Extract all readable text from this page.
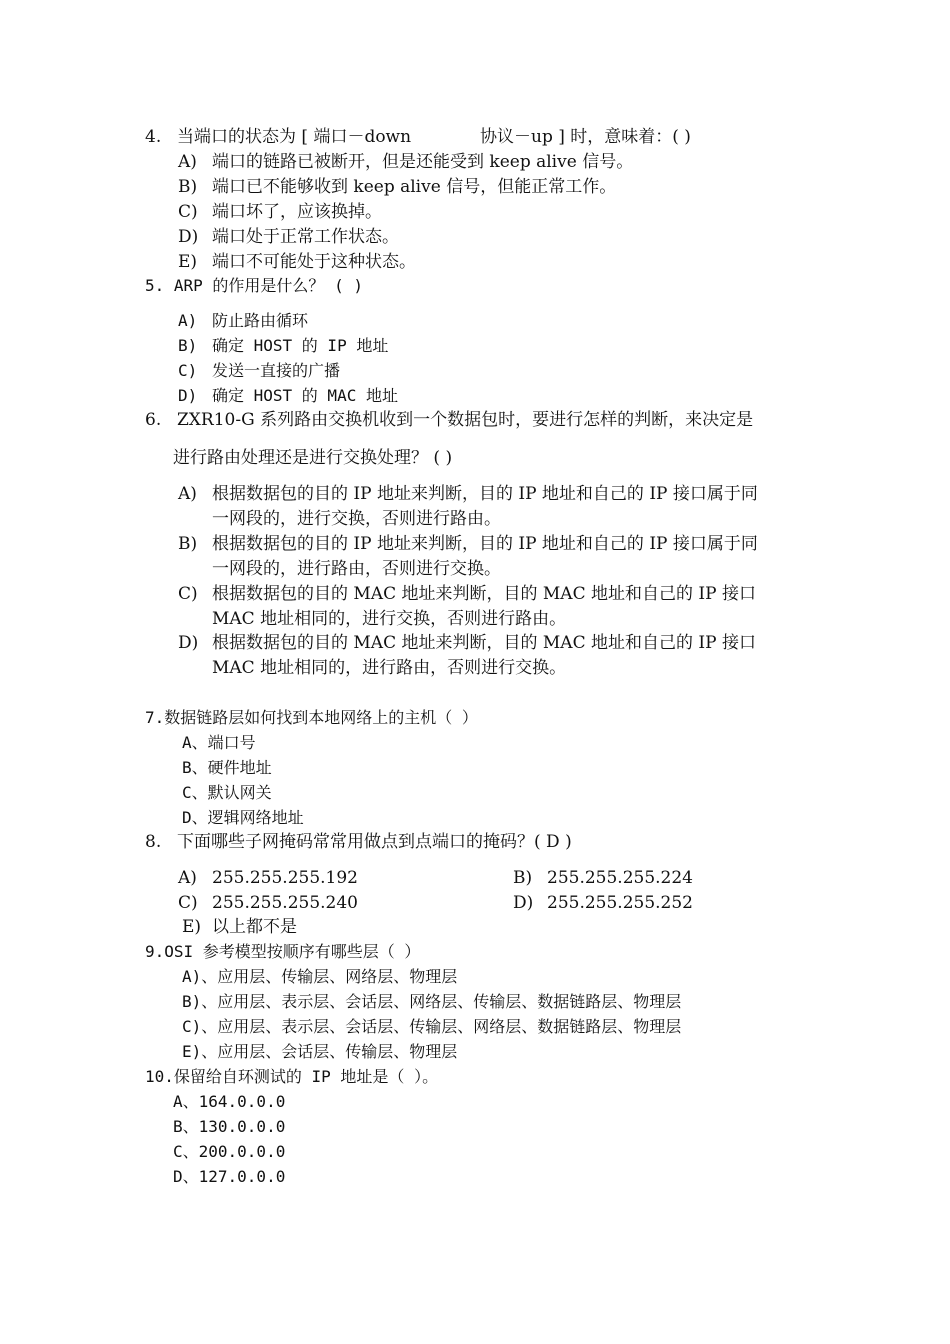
4. 当端口的状态为 [ 端口－down	协议－up ] 时，意味着：( )
A) 端口的链路已被断开，但是还能受到 keep alive 信号。
B) 端口已不能够收到 keep alive 信号，但能正常工作。
C) 端口坏了，应该换掉。
D) 端口处于正常工作状态。
E) 端口不可能处于这种状态。
5. ARP 的作用是什么？ ( )
A) 防止路由循环
B) 确定 HOST 的 IP 地址
C) 发送一直接的广播
D) 确定 HOST 的 MAC 地址
6. ZXR10-G 系列路由交换机收到一个数据包时，要进行怎样的判断，来决定是
进行路由处理还是进行交换处理？ ( )
A) 根据数据包的目的 IP 地址来判断，目的 IP 地址和自己的 IP 接口属于同
一网段的，进行交换，否则进行路由。
B) 根据数据包的目的 IP 地址来判断，目的 IP 地址和自己的 IP 接口属于同
一网段的，进行路由，否则进行交换。
C) 根据数据包的目的 MAC 地址来判断，目的 MAC 地址和自己的 IP 接口
MAC 地址相同的，进行交换，否则进行路由。
D) 根据数据包的目的 MAC 地址来判断，目的 MAC 地址和自己的 IP 接口
MAC 地址相同的，进行路由，否则进行交换。
7.数据链路层如何找到本地网络上的主机（ ）
A、端口号
B、硬件地址
C、默认网关
D、逻辑网络地址
8. 下面哪些子网掩码常常用做点到点端口的掩码？( D )
A) 255.255.255.192	B) 255.255.255.224
C) 255.255.255.240	D) 255.255.255.252
E) 以上都不是
9.OSI 参考模型按顺序有哪些层（ ）
A)、应用层、传输层、网络层、物理层
B)、应用层、表示层、会话层、网络层、传输层、数据链路层、物理层
C)、应用层、表示层、会话层、传输层、网络层、数据链路层、物理层
E)、应用层、会话层、传输层、物理层
10.保留给自环测试的 IP 地址是（ ）。
A、164.0.0.0
B、130.0.0.0
C、200.0.0.0
D、127.0.0.0
